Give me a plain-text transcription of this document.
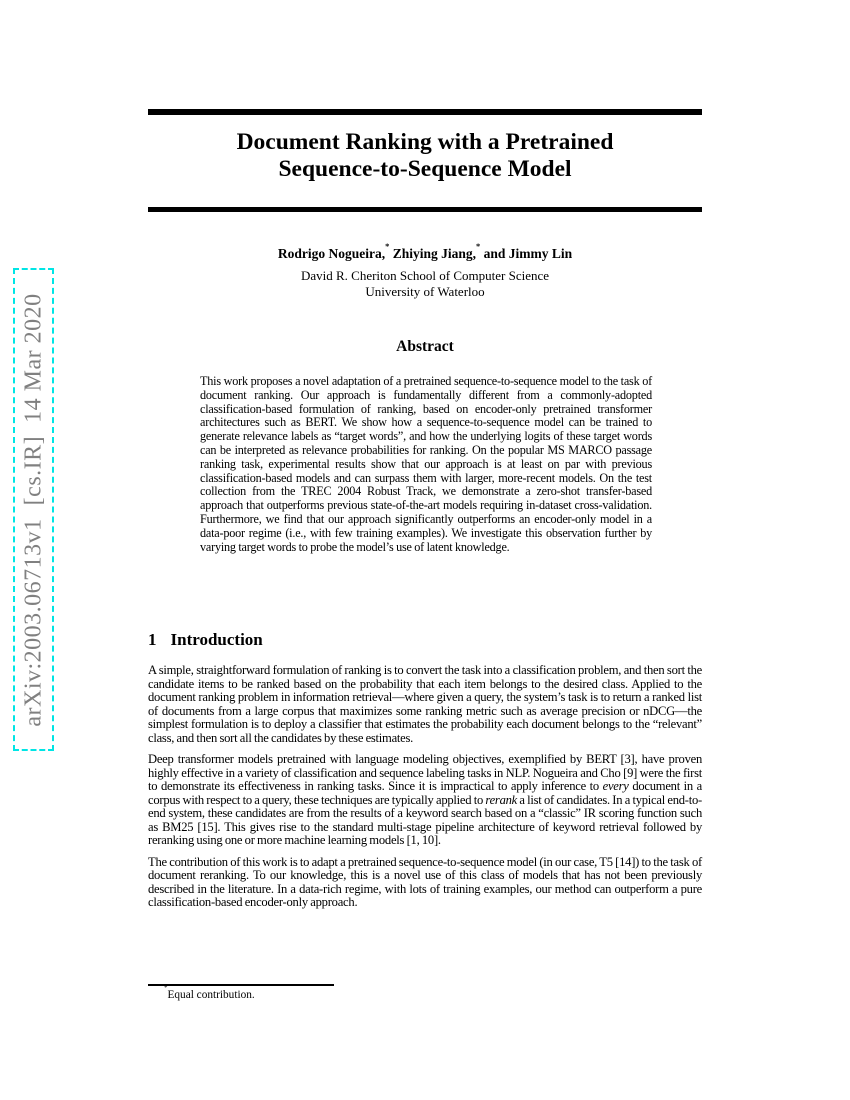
arXiv:2003.06713v1  [cs.IR]  14 Mar 2020
Document Ranking with a Pretrained
Sequence-to-Sequence Model
Rodrigo Nogueira,* Zhiying Jiang,* and Jimmy Lin
David R. Cheriton School of Computer Science
University of Waterloo
Abstract
This work proposes a novel adaptation of a pretrained sequence-to-sequence model to the task of document ranking. Our approach is fundamentally different from a commonly-adopted classification-based formulation of ranking, based on encoder-only pretrained transformer architectures such as BERT. We show how a sequence-to-sequence model can be trained to generate relevance labels as “target words”, and how the underlying logits of these target words can be interpreted as relevance probabilities for ranking. On the popular MS MARCO passage ranking task, experimental results show that our approach is at least on par with previous classification-based models and can surpass them with larger, more-recent models. On the test collection from the TREC 2004 Robust Track, we demonstrate a zero-shot transfer-based approach that outperforms previous state-of-the-art models requiring in-dataset cross-validation. Furthermore, we find that our approach significantly outperforms an encoder-only model in a data-poor regime (i.e., with few training examples). We investigate this observation further by varying target words to probe the model’s use of latent knowledge.
1 Introduction

A simple, straightforward formulation of ranking is to convert the task into a classification problem, and then sort the candidate items to be ranked based on the probability that each item belongs to the desired class. Applied to the document ranking problem in information retrieval—where given a query, the system’s task is to return a ranked list of documents from a large corpus that maximizes some ranking metric such as average precision or nDCG—the simplest formulation is to deploy a classifier that estimates the probability each document belongs to the “relevant” class, and then sort all the candidates by these estimates.

Deep transformer models pretrained with language modeling objectives, exemplified by BERT [3], have proven highly effective in a variety of classification and sequence labeling tasks in NLP. Nogueira and Cho [9] were the first to demonstrate its effectiveness in ranking tasks. Since it is impractical to apply inference to every document in a corpus with respect to a query, these techniques are typically applied to rerank a list of candidates. In a typical end-to-end system, these candidates are from the results of a keyword search based on a “classic” IR scoring function such as BM25 [15]. This gives rise to the standard multi-stage pipeline architecture of keyword retrieval followed by reranking using one or more machine learning models [1, 10].

The contribution of this work is to adapt a pretrained sequence-to-sequence model (in our case, T5 [14]) to the task of document reranking. To our knowledge, this is a novel use of this class of models that has not been previously described in the literature. In a data-rich regime, with lots of training examples, our method can outperform a pure classification-based encoder-only approach.

*Equal contribution.
